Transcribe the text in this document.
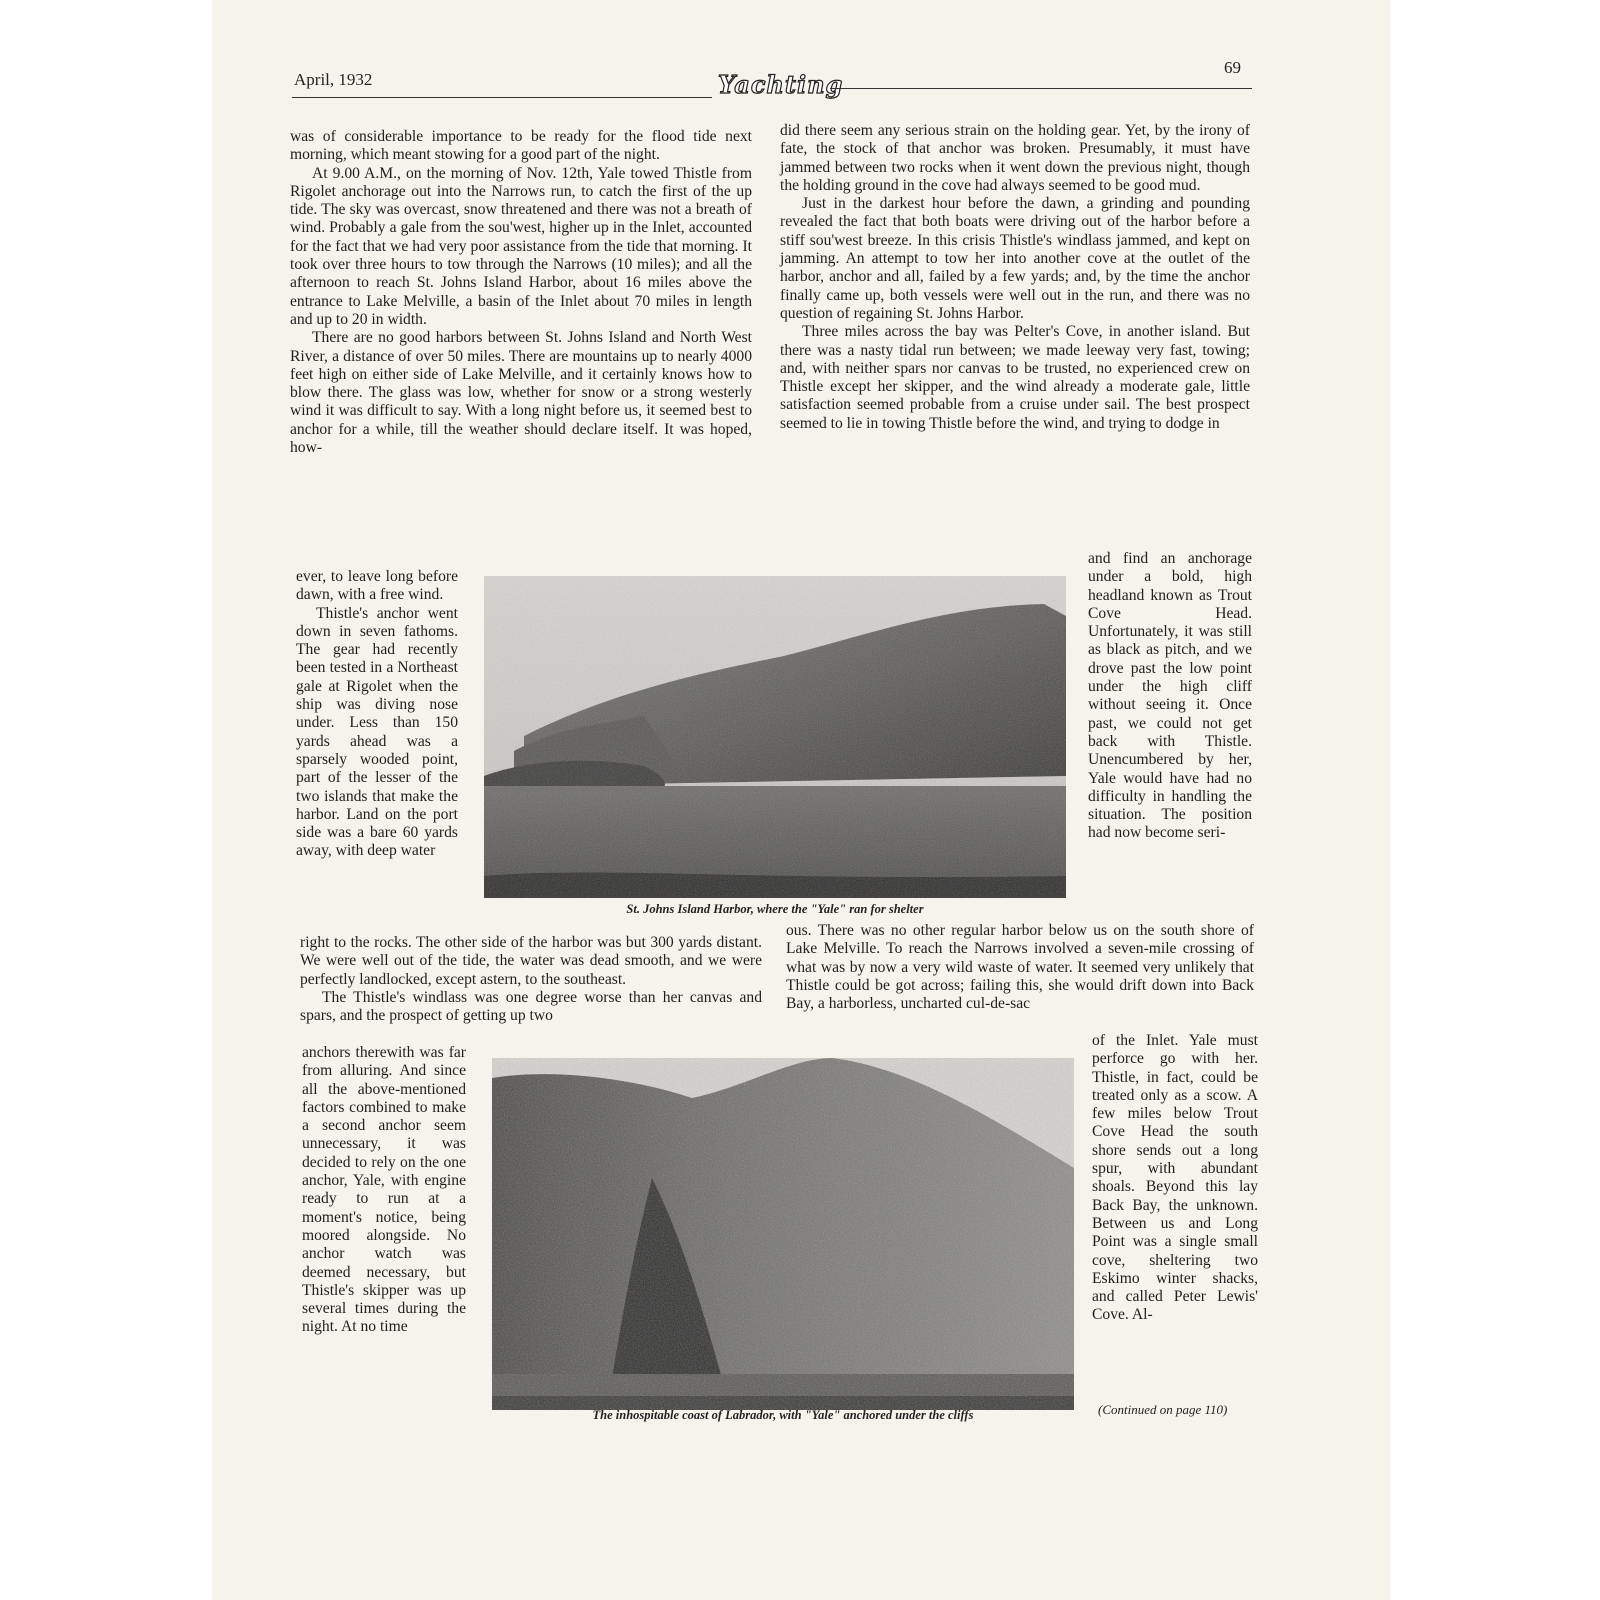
April, 1932	Yachting
69

was of considerable importance to be ready for the flood tide next morning, which meant stowing for a good part of the night.

At 9.00 A.M., on the morning of Nov. 12th, Yale towed Thistle from Rigolet anchorage out into the Narrows run, to catch the first of the up tide. The sky was overcast, snow threatened and there was not a breath of wind. Probably a gale from the sou'west, higher up in the Inlet, accounted for the fact that we had very poor assistance from the tide that morning. It took over three hours to tow through the Narrows (10 miles); and all the afternoon to reach St. Johns Island Harbor, about 16 miles above the entrance to Lake Melville, a basin of the Inlet about 70 miles in length and up to 20 in width.

There are no good harbors between St. Johns Island and North West River, a distance of over 50 miles. There are mountains up to nearly 4000 feet high on either side of Lake Melville, and it certainly knows how to blow there. The glass was low, whether for snow or a strong westerly wind it was difficult to say. With a long night before us, it seemed best to anchor for a while, till the weather should declare itself. It was hoped, how-

ever, to leave long before dawn, with a free wind.

Thistle's anchor went down in seven fathoms. The gear had recently been tested in a Northeast gale at Rigolet when the ship was diving nose under. Less than 150 yards ahead was a sparsely wooded point, part of the lesser of the two islands that make the harbor. Land on the port side was a bare 60 yards away, with deep water

right to the rocks. The other side of the harbor was but 300 yards distant. We were well out of the tide, the water was dead smooth, and we were perfectly landlocked, except astern, to the southeast.

The Thistle's windlass was one degree worse than her canvas and spars, and the prospect of getting up two

anchors therewith was far from alluring. And since all the above-mentioned factors combined to make a second anchor seem unnecessary, it was decided to rely on the one anchor, Yale, with engine ready to run at a moment's notice, being moored alongside. No anchor watch was deemed necessary, but Thistle's skipper was up several times during the night. At no time

did there seem any serious strain on the holding gear. Yet, by the irony of fate, the stock of that anchor was broken. Presumably, it must have jammed between two rocks when it went down the previous night, though the holding ground in the cove had always seemed to be good mud.

Just in the darkest hour before the dawn, a grinding and pounding revealed the fact that both boats were driving out of the harbor before a stiff sou'west breeze. In this crisis Thistle's windlass jammed, and kept on jamming. An attempt to tow her into another cove at the outlet of the harbor, anchor and all, failed by a few yards; and, by the time the anchor finally came up, both vessels were well out in the run, and there was no question of regaining St. Johns Harbor.

Three miles across the bay was Pelter's Cove, in another island. But there was a nasty tidal run between; we made leeway very fast, towing; and, with neither spars nor canvas to be trusted, no experienced crew on Thistle except her skipper, and the wind already a moderate gale, little satisfaction seemed probable from a cruise under sail. The best prospect seemed to lie in towing Thistle before the wind, and trying to dodge in

and find an anchorage under a bold, high headland known as Trout Cove Head. Unfortunately, it was still as black as pitch, and we drove past the low point under the high cliff without seeing it. Once past, we could not get back with Thistle. Unencumbered by her, Yale would have had no difficulty in handling the situation. The position had now become seri-

ous. There was no other regular harbor below us on the south shore of Lake Melville. To reach the Narrows involved a seven-mile crossing of what was by now a very wild waste of water. It seemed very unlikely that Thistle could be got across; failing this, she would drift down into Back Bay, a harborless, uncharted cul-de-sac

of the Inlet. Yale must perforce go with her. Thistle, in fact, could be treated only as a scow. A few miles below Trout Cove Head the south shore sends out a long spur, with abundant shoals. Beyond this lay Back Bay, the unknown. Between us and Long Point was a single small cove, sheltering two Eskimo winter shacks, and called Peter Lewis' Cove. Al-

(Continued on page 110)
St. Johns Island Harbor, where the "Yale" ran for shelter
The inhospitable coast of Labrador, with "Yale" anchored under the cliffs
